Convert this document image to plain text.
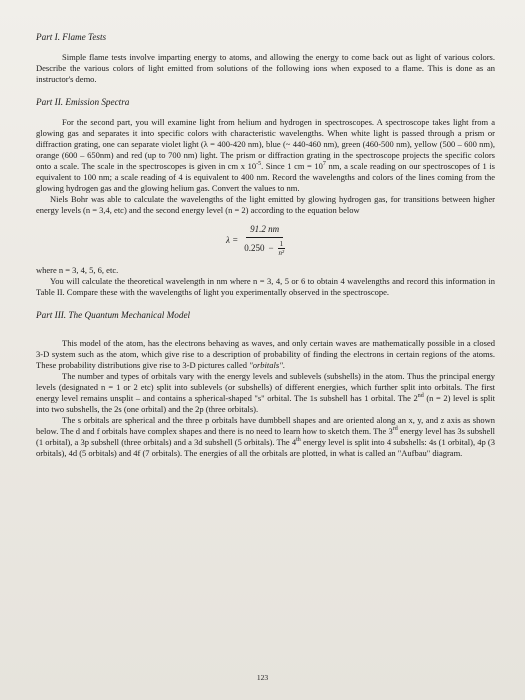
Part I. Flame Tests

Simple flame tests involve imparting energy to atoms, and allowing the energy to come back out as light of various colors. Describe the various colors of light emitted from solutions of the following ions when exposed to a flame. This is done as an instructor's demo.

Part II. Emission Spectra

For the second part, you will examine light from helium and hydrogen in spectroscopes. A spectroscope takes light from a glowing gas and separates it into specific colors with characteristic wavelengths. When white light is passed through a prism or diffraction grating, one can separate violet light (λ = 400-420 nm), blue (~ 440-460 nm), green (460-500 nm), yellow (500 – 600 nm), orange (600 – 650nm) and red (up to 700 nm) light. The prism or diffraction grating in the spectroscope projects the specific colors onto a scale. The scale in the spectroscopes is given in cm x $10^{-5}$. Since 1 cm = $10^7$ nm, a scale reading on our spectroscopes of 1 is equivalent to 100 nm; a scale reading of 4 is equivalent to 400 nm. Record the wavelengths and colors of the lines coming from the glowing hydrogen gas and the glowing helium gas. Convert the values to nm.

Niels Bohr was able to calculate the wavelengths of the light emitted by glowing hydrogen gas, for transitions between higher energy levels (n = 3,4, etc) and the second energy level (n = 2) according to the equation below

$\lambda = \frac{91.2 nm}{0.250 - \frac{1}{\text{n²}}}$

where n = 3, 4, 5, 6, etc.

You will calculate the theoretical wavelength in nm where n = 3, 4, 5 or 6 to obtain 4 wavelengths and record this information in Table II. Compare these with the wavelengths of light you experimentally observed in the spectroscope.

Part III. The Quantum Mechanical Model

This model of the atom, has the electrons behaving as waves, and only certain waves are mathematically possible in a closed 3-D system such as the atom, which give rise to a description of probability of finding the electrons in certain regions of the atoms. These probability distributions give rise to 3-D pictures called "orbitals".

The number and types of orbitals vary with the energy levels and sublevels (subshells) in the atom. Thus the principal energy levels (designated n = 1 or 2 etc) split into sublevels (or subshells) of different energies, which further split into orbitals. The first energy level remains unsplit – and contains a spherical-shaped "s" orbital. The 1s subshell has 1 orbital. The 2nd (n = 2) level is split into two subshells, the 2s (one orbital) and the 2p (three orbitals).

The s orbitals are spherical and the three p orbitals have dumbbell shapes and are oriented along an x, y, and z axis as shown below. The d and f orbitals have complex shapes and there is no need to learn how to sketch them. The 3rd energy level has 3s subshell (1 orbital), a 3p subshell (three orbitals) and a 3d subshell (5 orbitals). The 4th energy level is split into 4 subshells: 4s (1 orbital), 4p (3 orbitals), 4d (5 orbitals) and 4f (7 orbitals). The energies of all the orbitals are plotted, in what is called an "Aufbau" diagram.

123
